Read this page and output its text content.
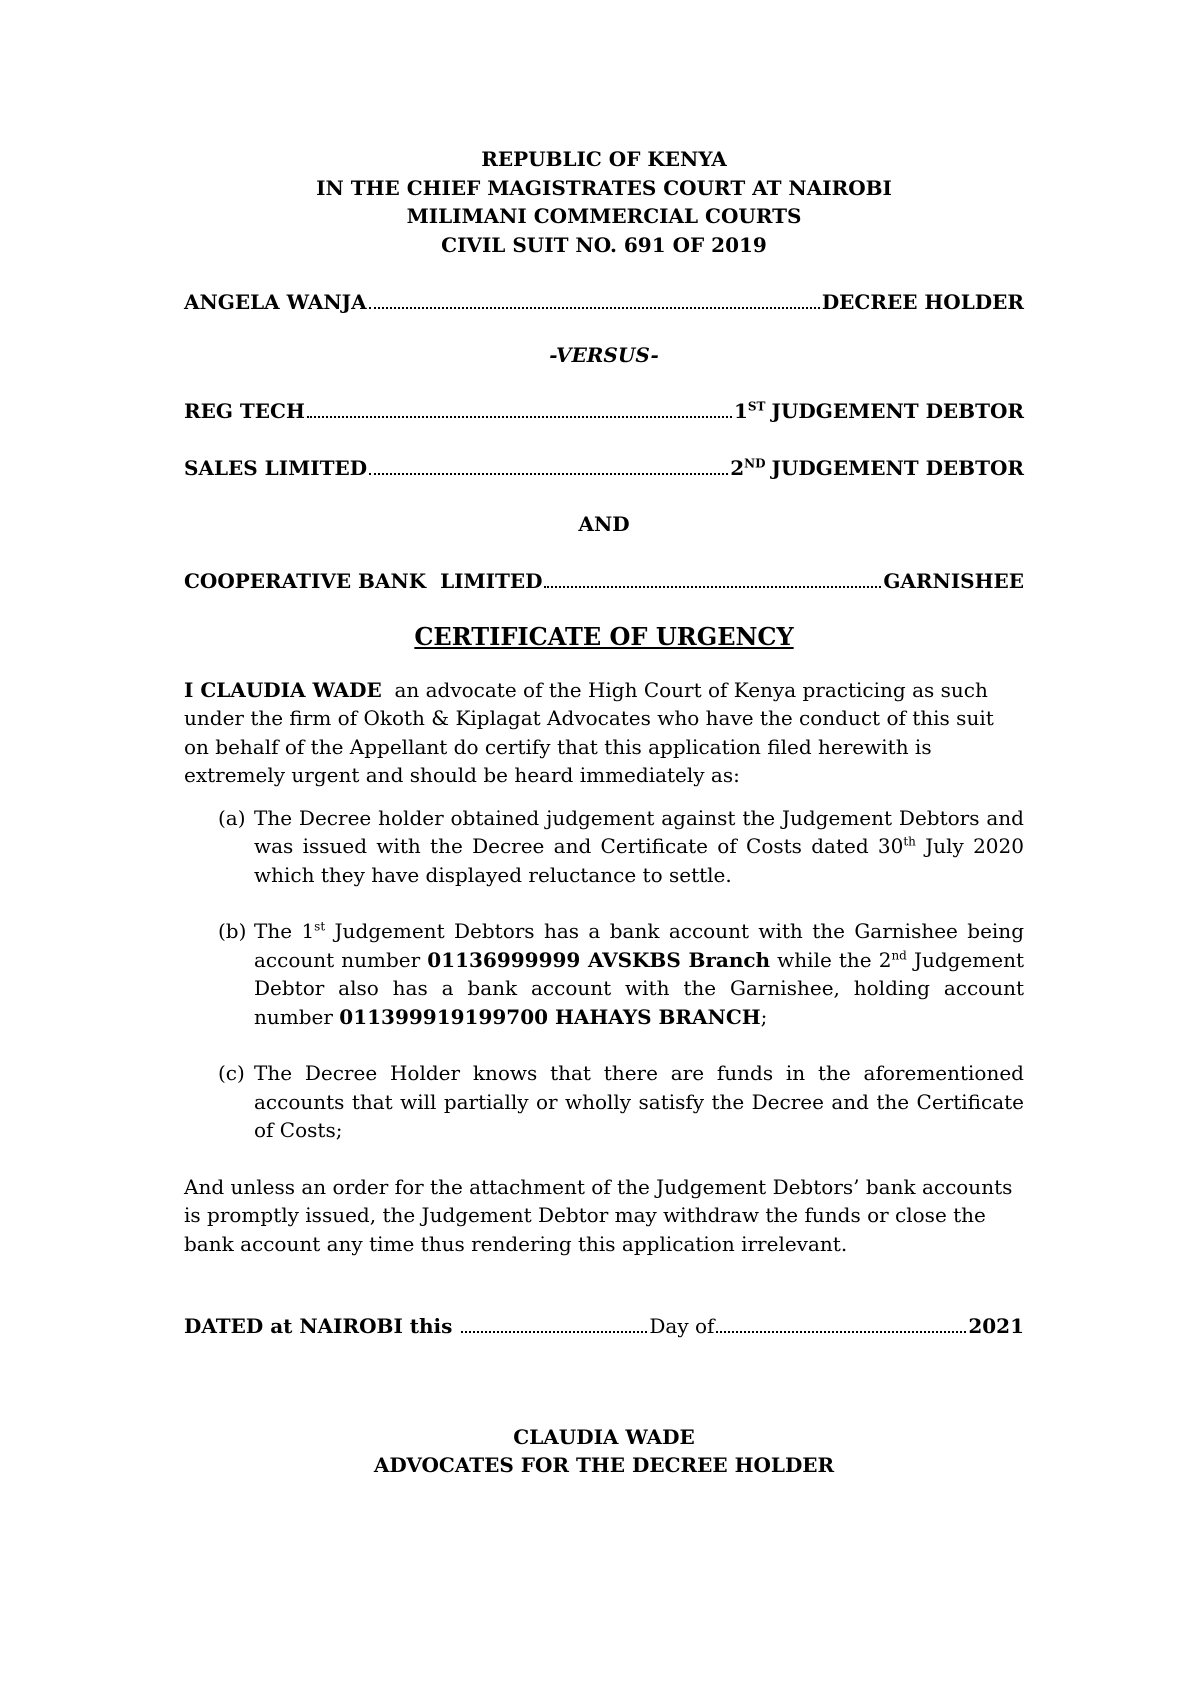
REPUBLIC OF KENYA
IN THE CHIEF MAGISTRATES COURT AT NAIROBI
MILIMANI COMMERCIAL COURTS
CIVIL SUIT NO. 691 OF 2019
ANGELA WANJA	DECREE HOLDER
-VERSUS-
REG TECH	1ST JUDGEMENT DEBTOR
SALES LIMITED	2ND JUDGEMENT DEBTOR
AND
COOPERATIVE BANK  LIMITED	GARNISHEE
CERTIFICATE OF URGENCY
I CLAUDIA WADE  an advocate of the High Court of Kenya practicing as such under the firm of Okoth & Kiplagat Advocates who have the conduct of this suit on behalf of the Appellant do certify that this application filed herewith is extremely urgent and should be heard immediately as:
(a) The Decree holder obtained judgement against the Judgement Debtors and was issued with the Decree and Certificate of Costs dated 30th July 2020 which they have displayed reluctance to settle.
(b) The 1st Judgement Debtors has a bank account with the Garnishee being account number 01136999999 AVSKBS Branch while the 2nd Judgement Debtor also has a bank account with the Garnishee, holding account number 011399919199700 HAHAYS BRANCH;
(c) The Decree Holder knows that there are funds in the aforementioned accounts that will partially or wholly satisfy the Decree and the Certificate of Costs;
And unless an order for the attachment of the Judgement Debtors’ bank accounts is promptly issued, the Judgement Debtor may withdraw the funds or close the bank account any time thus rendering this application irrelevant.
DATED at NAIROBI this	Day of	2021
CLAUDIA WADE
ADVOCATES FOR THE DECREE HOLDER
